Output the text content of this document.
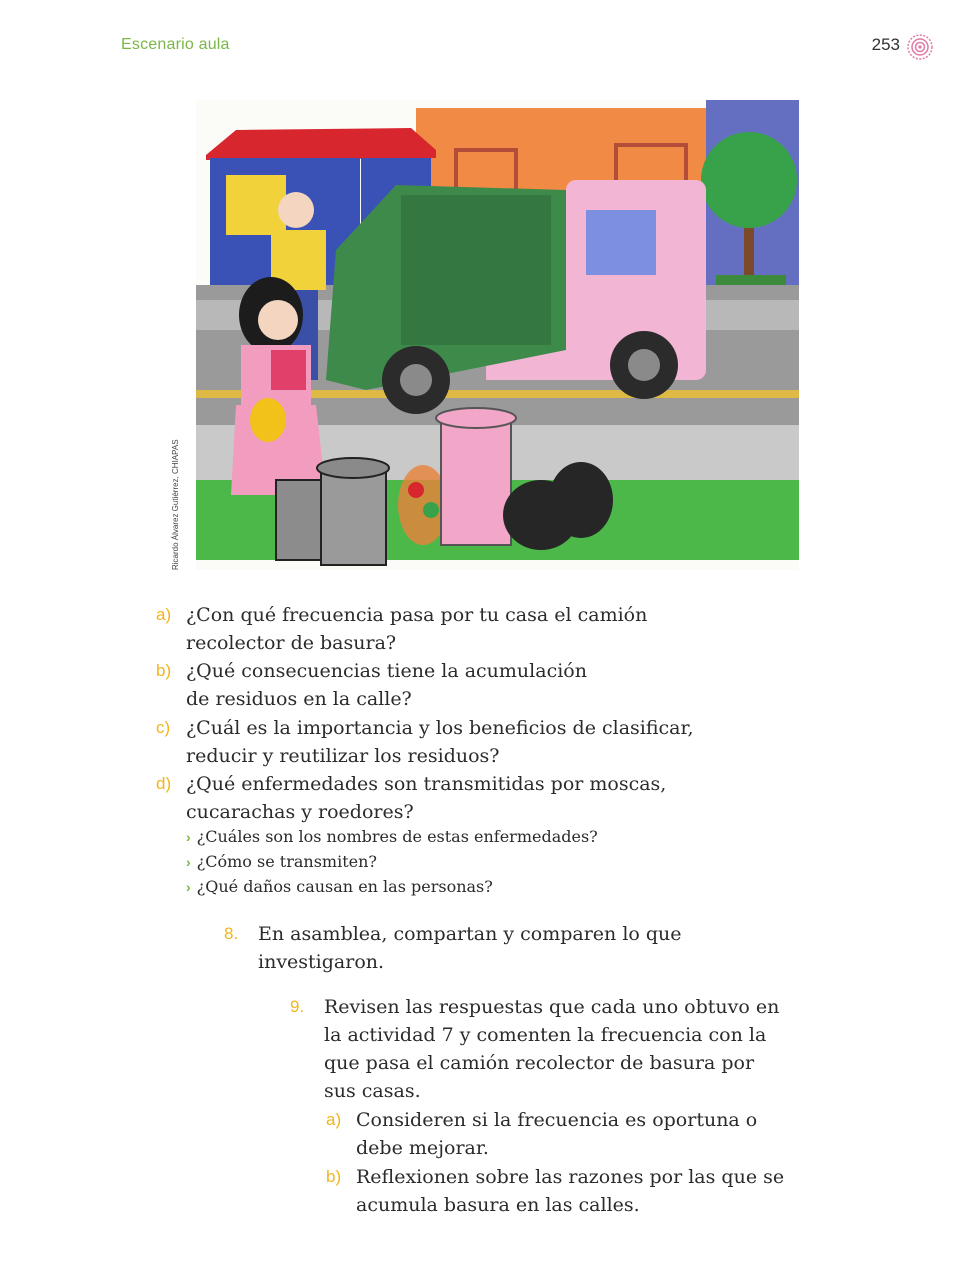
Escenario aula	253
Ricardo Álvarez Gutiérrez, CHIAPAS
a) ¿Con qué frecuencia pasa por tu casa el camión
recolector de basura?
b) ¿Qué consecuencias tiene la acumulación
de residuos en la calle?
c) ¿Cuál es la importancia y los beneficios de clasificar,
reducir y reutilizar los residuos?
d) ¿Qué enfermedades son transmitidas por moscas,
cucarachas y roedores?
› ¿Cuáles son los nombres de estas enfermedades?
› ¿Cómo se transmiten?
› ¿Qué daños causan en las personas?
8. En asamblea, compartan y comparen lo que
investigaron.
9. Revisen las respuestas que cada uno obtuvo en
la actividad 7 y comenten la frecuencia con la
que pasa el camión recolector de basura por
sus casas.
a) Consideren si la frecuencia es oportuna o
debe mejorar.
b) Reflexionen sobre las razones por las que se
acumula basura en las calles.
